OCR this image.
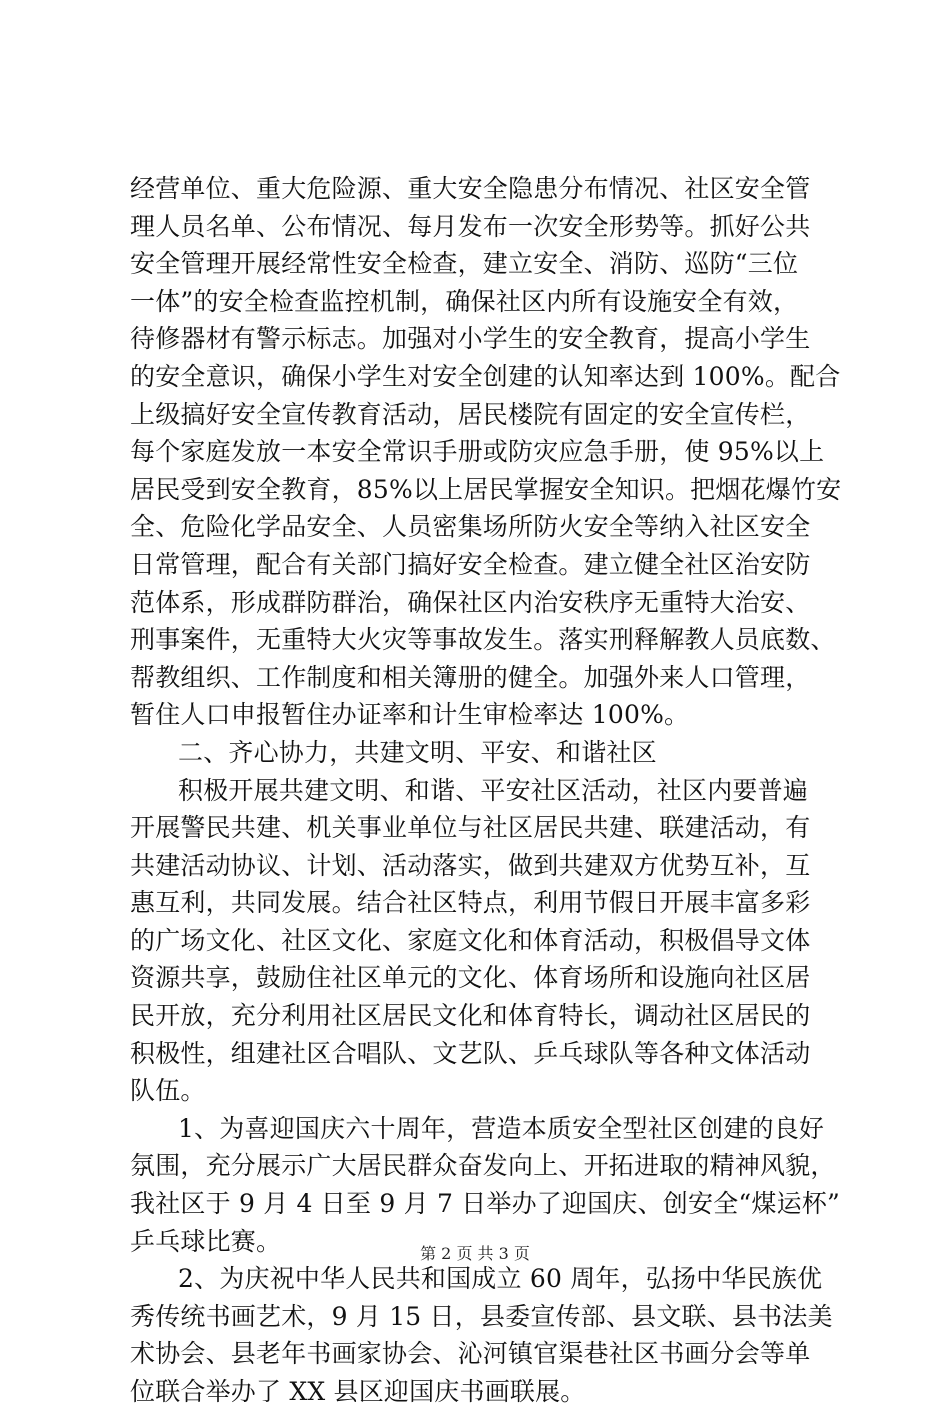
经营单位、重大危险源、重大安全隐患分布情况、社区安全管
理人员名单、公布情况、每月发布一次安全形势等。抓好公共
安全管理开展经常性安全检查，建立安全、消防、巡防“三位
一体”的安全检查监控机制，确保社区内所有设施安全有效，
待修器材有警示标志。加强对小学生的安全教育，提高小学生
的安全意识，确保小学生对安全创建的认知率达到 100%。配合
上级搞好安全宣传教育活动，居民楼院有固定的安全宣传栏，
每个家庭发放一本安全常识手册或防灾应急手册，使 95%以上
居民受到安全教育，85%以上居民掌握安全知识。把烟花爆竹安
全、危险化学品安全、人员密集场所防火安全等纳入社区安全
日常管理，配合有关部门搞好安全检查。建立健全社区治安防
范体系，形成群防群治，确保社区内治安秩序无重特大治安、
刑事案件，无重特大火灾等事故发生。落实刑释解教人员底数、
帮教组织、工作制度和相关簿册的健全。加强外来人口管理，
暂住人口申报暂住办证率和计生审检率达 100%。
二、齐心协力，共建文明、平安、和谐社区
积极开展共建文明、和谐、平安社区活动，社区内要普遍
开展警民共建、机关事业单位与社区居民共建、联建活动，有
共建活动协议、计划、活动落实，做到共建双方优势互补，互
惠互利，共同发展。结合社区特点，利用节假日开展丰富多彩
的广场文化、社区文化、家庭文化和体育活动，积极倡导文体
资源共享，鼓励住社区单元的文化、体育场所和设施向社区居
民开放，充分利用社区居民文化和体育特长，调动社区居民的
积极性，组建社区合唱队、文艺队、乒乓球队等各种文体活动
队伍。
1、为喜迎国庆六十周年，营造本质安全型社区创建的良好
氛围，充分展示广大居民群众奋发向上、开拓进取的精神风貌，
我社区于 9 月 4 日至 9 月 7 日举办了迎国庆、创安全“煤运杯”
乒乓球比赛。
2、为庆祝中华人民共和国成立 60 周年，弘扬中华民族优
秀传统书画艺术，9 月 15 日，县委宣传部、县文联、县书法美
术协会、县老年书画家协会、沁河镇官渠巷社区书画分会等单
位联合举办了 XX 县区迎国庆书画联展。
第 2 页 共 3 页
